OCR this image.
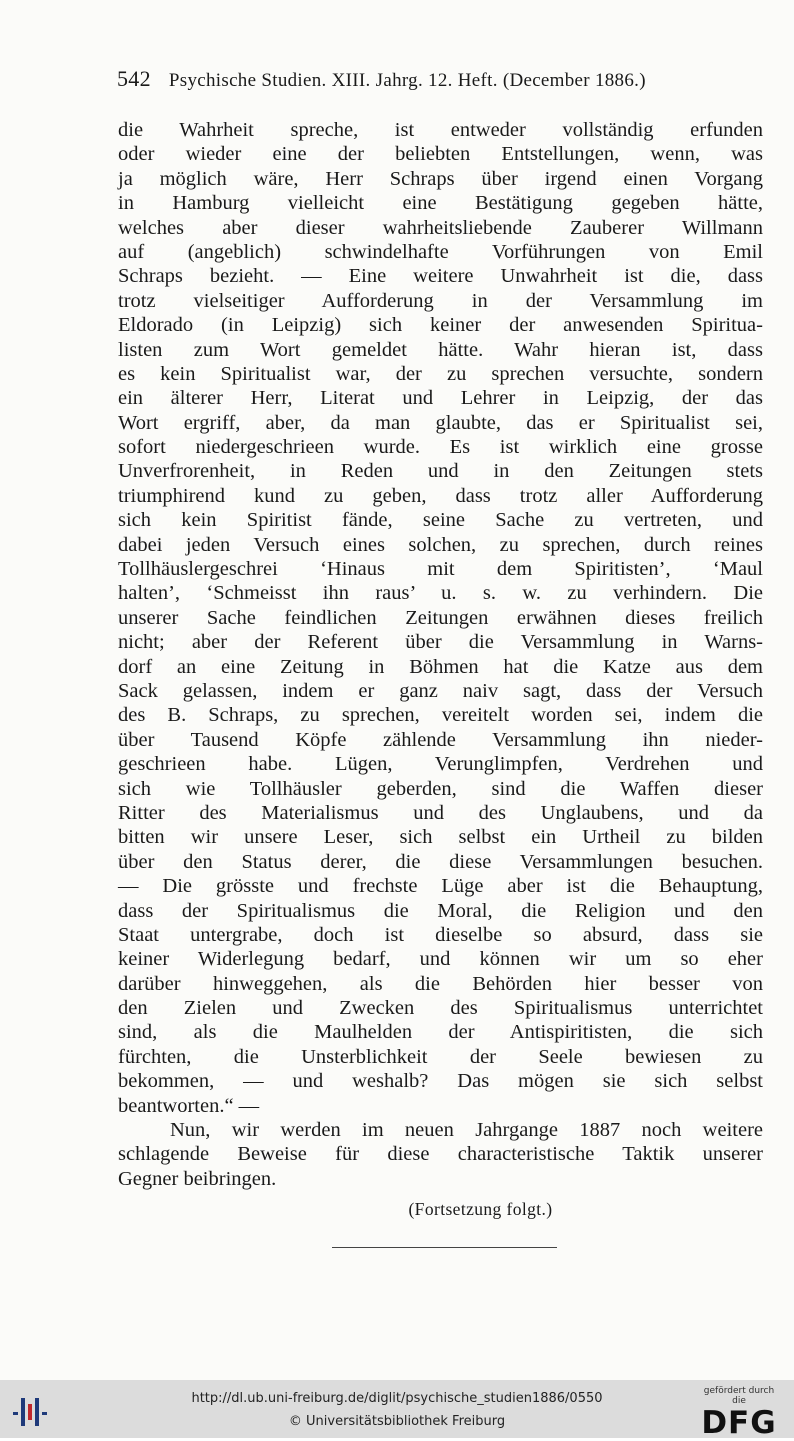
542 Psychische Studien. XIII. Jahrg. 12. Heft. (December 1886.)
die Wahrheit spreche, ist entweder vollständig erfunden
oder wieder eine der beliebten Entstellungen, wenn, was
ja möglich wäre, Herr Schraps über irgend einen Vorgang
in Hamburg vielleicht eine Bestätigung gegeben hätte,
welches aber dieser wahrheitsliebende Zauberer Willmann
auf (angeblich) schwindelhafte Vorführungen von Emil
Schraps bezieht. — Eine weitere Unwahrheit ist die, dass
trotz vielseitiger Aufforderung in der Versammlung im
Eldorado (in Leipzig) sich keiner der anwesenden Spiritua-
listen zum Wort gemeldet hätte. Wahr hieran ist, dass
es kein Spiritualist war, der zu sprechen versuchte, sondern
ein älterer Herr, Literat und Lehrer in Leipzig, der das
Wort ergriff, aber, da man glaubte, das er Spiritualist sei,
sofort niedergeschrieen wurde. Es ist wirklich eine grosse
Unverfrorenheit, in Reden und in den Zeitungen stets
triumphirend kund zu geben, dass trotz aller Aufforderung
sich kein Spiritist fände, seine Sache zu vertreten, und
dabei jeden Versuch eines solchen, zu sprechen, durch reines
Tollhäuslergeschrei ‘Hinaus mit dem Spiritisten’, ‘Maul
halten’, ‘Schmeisst ihn raus’ u. s. w. zu verhindern. Die
unserer Sache feindlichen Zeitungen erwähnen dieses freilich
nicht; aber der Referent über die Versammlung in Warns-
dorf an eine Zeitung in Böhmen hat die Katze aus dem
Sack gelassen, indem er ganz naiv sagt, dass der Versuch
des B. Schraps, zu sprechen, vereitelt worden sei, indem die
über Tausend Köpfe zählende Versammlung ihn nieder-
geschrieen habe. Lügen, Verunglimpfen, Verdrehen und
sich wie Tollhäusler geberden, sind die Waffen dieser
Ritter des Materialismus und des Unglaubens, und da
bitten wir unsere Leser, sich selbst ein Urtheil zu bilden
über den Status derer, die diese Versammlungen besuchen.
— Die grösste und frechste Lüge aber ist die Behauptung,
dass der Spiritualismus die Moral, die Religion und den
Staat untergrabe, doch ist dieselbe so absurd, dass sie
keiner Widerlegung bedarf, und können wir um so eher
darüber hinweggehen, als die Behörden hier besser von
den Zielen und Zwecken des Spiritualismus unterrichtet
sind, als die Maulhelden der Antispiritisten, die sich
fürchten, die Unsterblichkeit der Seele bewiesen zu
bekommen, — und weshalb? Das mögen sie sich selbst
beantworten.“ —
Nun, wir werden im neuen Jahrgange 1887 noch weitere
schlagende Beweise für diese characteristische Taktik unserer
Gegner beibringen.
(Fortsetzung folgt.)
http://dl.ub.uni-freiburg.de/diglit/psychische_studien1886/0550
© Universitätsbibliothek Freiburg
gefördert durch die
DFG
